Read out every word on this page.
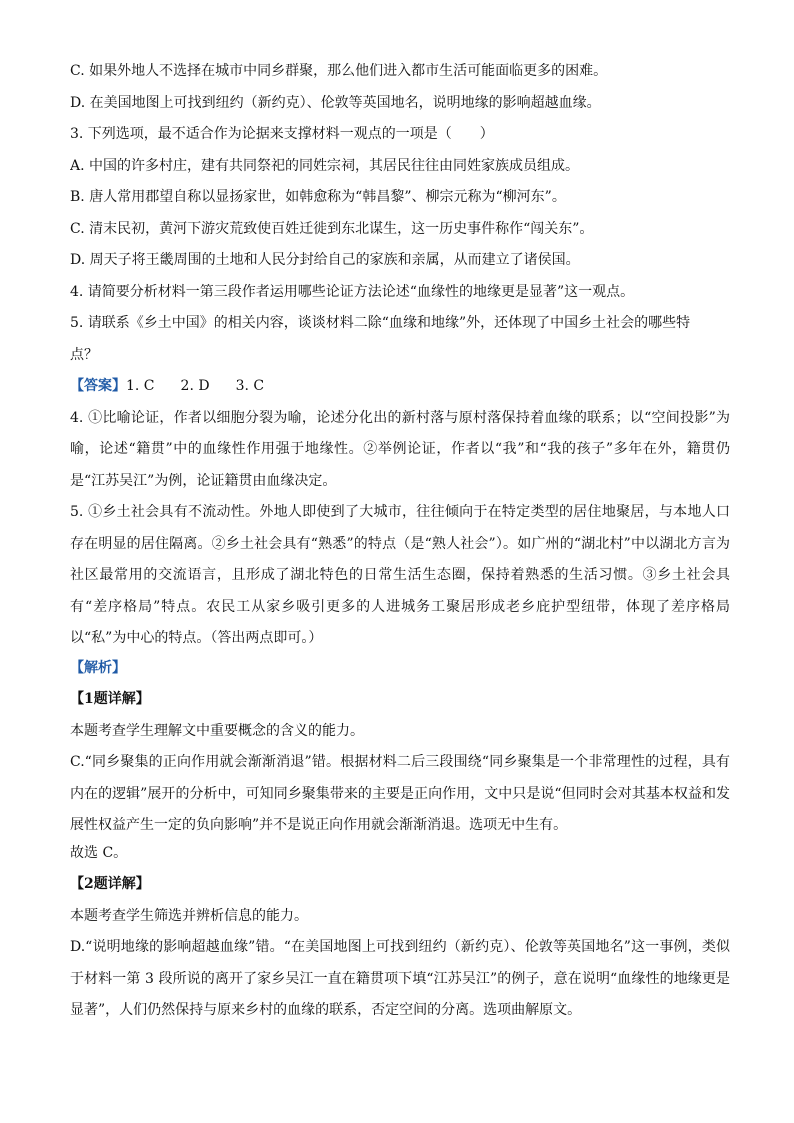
C. 如果外地人不选择在城市中同乡群聚，那么他们进入都市生活可能面临更多的困难。
D. 在美国地图上可找到纽约（新约克）、伦敦等英国地名，说明地缘的影响超越血缘。
3. 下列选项，最不适合作为论据来支撑材料一观点的一项是（　　）
A. 中国的许多村庄，建有共同祭祀的同姓宗祠，其居民往往由同姓家族成员组成。
B. 唐人常用郡望自称以显扬家世，如韩愈称为“韩昌黎”、柳宗元称为“柳河东”。
C. 清末民初，黄河下游灾荒致使百姓迁徙到东北谋生，这一历史事件称作“闯关东”。
D. 周天子将王畿周围的土地和人民分封给自己的家族和亲属，从而建立了诸侯国。
4. 请简要分析材料一第三段作者运用哪些论证方法论述“血缘性的地缘更是显著”这一观点。
5. 请联系《乡土中国》的相关内容，谈谈材料二除“血缘和地缘”外，还体现了中国乡土社会的哪些特
点？
【答案】1. C 2. D 3. C
4. ①比喻论证，作者以细胞分裂为喻，论述分化出的新村落与原村落保持着血缘的联系；以“空间投影”为喻，论述“籍贯”中的血缘性作用强于地缘性。②举例论证，作者以“我”和“我的孩子”多年在外，籍贯仍是“江苏吴江”为例，论证籍贯由血缘决定。
5. ①乡土社会具有不流动性。外地人即使到了大城市，往往倾向于在特定类型的居住地聚居，与本地人口存在明显的居住隔离。②乡土社会具有“熟悉”的特点（是“熟人社会”）。如广州的“湖北村”中以湖北方言为社区最常用的交流语言，且形成了湖北特色的日常生活生态圈，保持着熟悉的生活习惯。③乡土社会具有“差序格局”特点。农民工从家乡吸引更多的人进城务工聚居形成老乡庇护型纽带，体现了差序格局以“私”为中心的特点。（答出两点即可。）
【解析】
【1题详解】
本题考查学生理解文中重要概念的含义的能力。
C.“同乡聚集的正向作用就会渐渐消退”错。根据材料二后三段围绕“同乡聚集是一个非常理性的过程，具有内在的逻辑”展开的分析中，可知同乡聚集带来的主要是正向作用，文中只是说“但同时会对其基本权益和发展性权益产生一定的负向影响”并不是说正向作用就会渐渐消退。选项无中生有。
故选 C。
【2题详解】
本题考查学生筛选并辨析信息的能力。
D.“说明地缘的影响超越血缘”错。“在美国地图上可找到纽约（新约克）、伦敦等英国地名”这一事例，类似于材料一第 3 段所说的离开了家乡吴江一直在籍贯项下填“江苏吴江”的例子，意在说明“血缘性的地缘更是显著”，人们仍然保持与原来乡村的血缘的联系，否定空间的分离。选项曲解原文。
